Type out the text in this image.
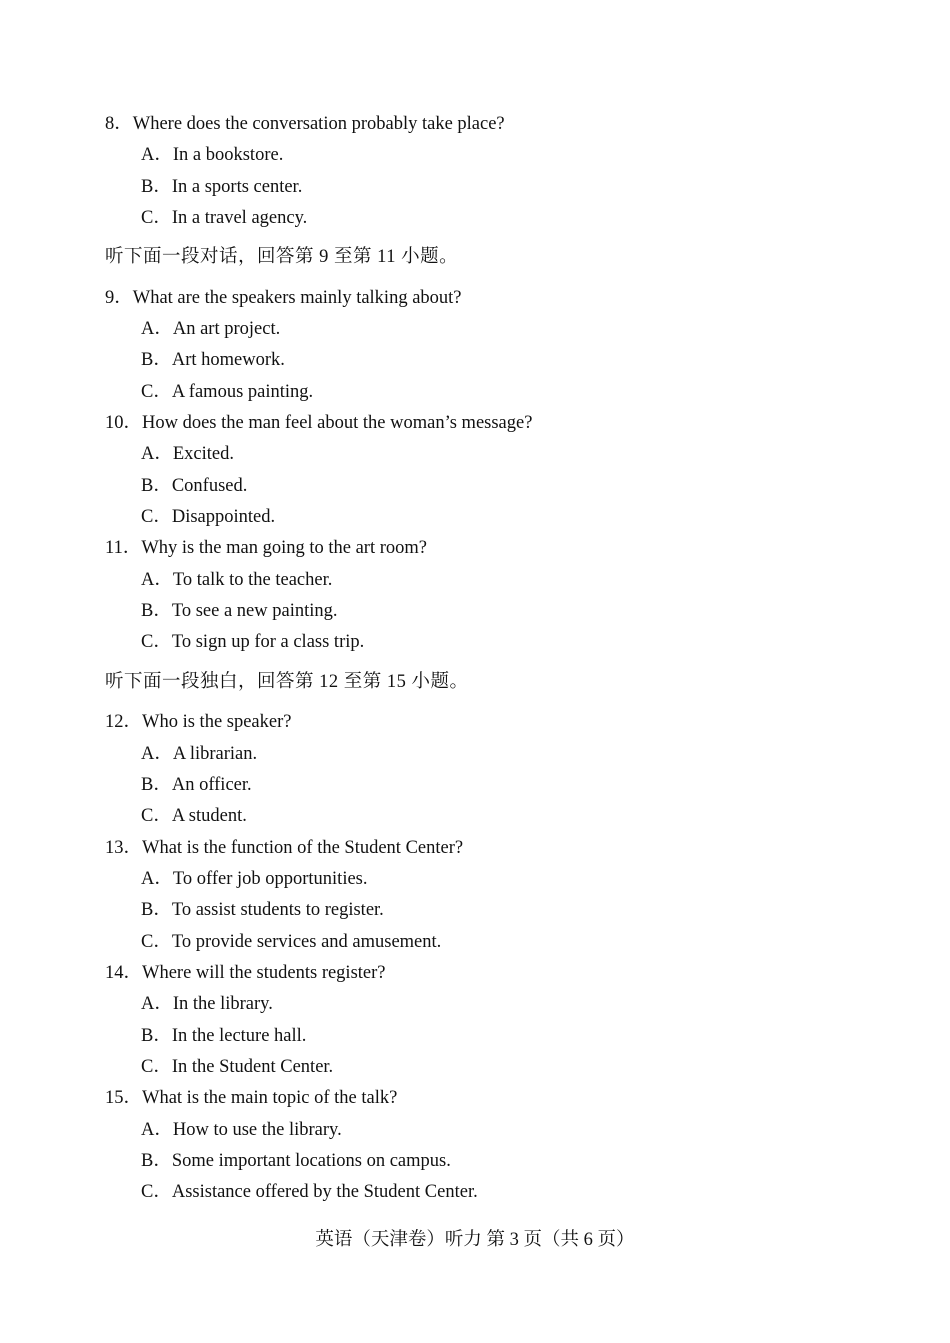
8．Where does the conversation probably take place?
A．In a bookstore.
B．In a sports center.
C．In a travel agency.
听下面一段对话，回答第 9 至第 11 小题。
9．What are the speakers mainly talking about?
A．An art project.
B．Art homework.
C．A famous painting.
10．How does the man feel about the woman’s message?
A．Excited.
B．Confused.
C．Disappointed.
11．Why is the man going to the art room?
A．To talk to the teacher.
B．To see a new painting.
C．To sign up for a class trip.
听下面一段独白，回答第 12 至第 15 小题。
12．Who is the speaker?
A．A librarian.
B．An officer.
C．A student.
13．What is the function of the Student Center?
A．To offer job opportunities.
B．To assist students to register.
C．To provide services and amusement.
14．Where will the students register?
A．In the library.
B．In the lecture hall.
C．In the Student Center.
15．What is the main topic of the talk?
A．How to use the library.
B．Some important locations on campus.
C．Assistance offered by the Student Center.
英语（天津卷）听力 第 3 页（共 6 页）
